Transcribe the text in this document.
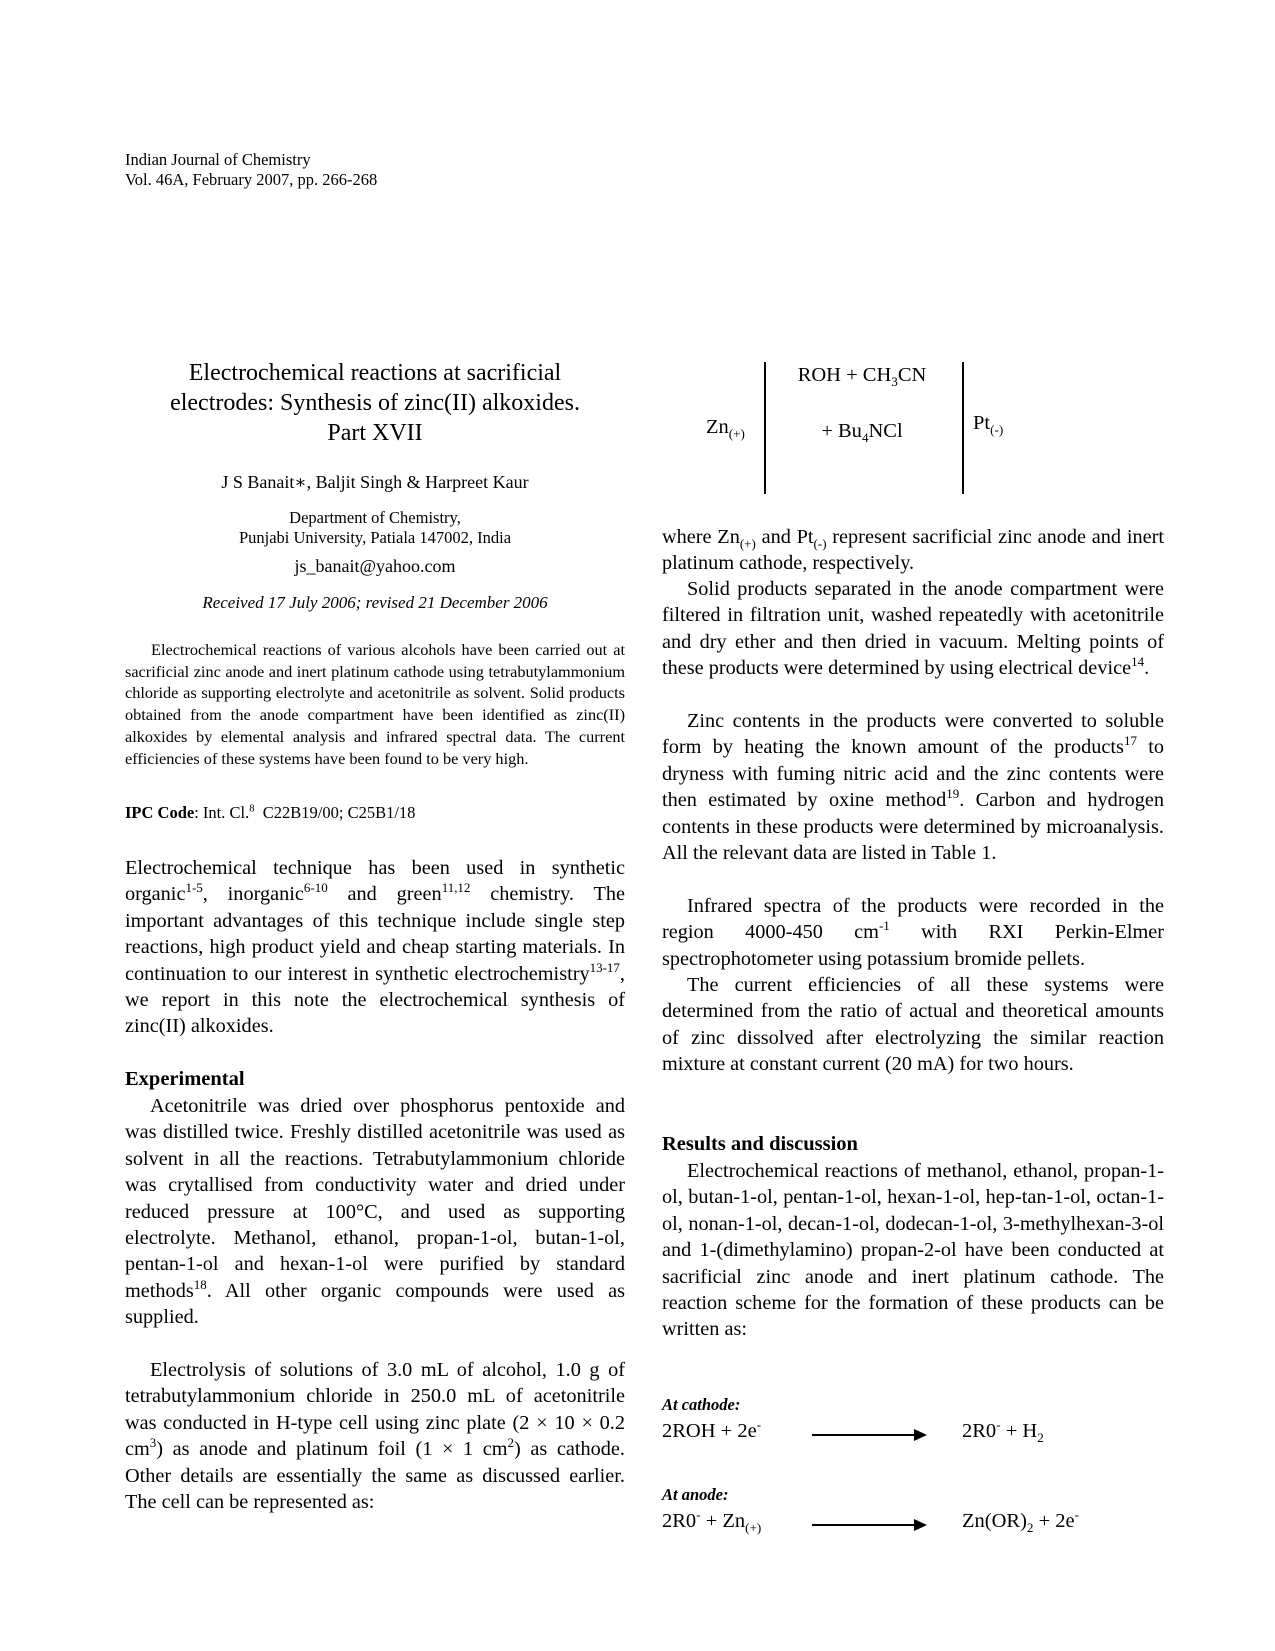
Indian Journal of Chemistry
Vol. 46A, February 2007, pp. 266-268
Electrochemical reactions at sacrificial
electrodes: Synthesis of zinc(II) alkoxides.
Part XVII
J S Banait∗, Baljit Singh & Harpreet Kaur
Department of Chemistry,
Punjabi University, Patiala 147002, India
js_banait@yahoo.com
Received 17 July 2006; revised 21 December 2006

Electrochemical reactions of various alcohols have been carried out at sacrificial zinc anode and inert platinum cathode using tetrabutylammonium chloride as supporting electrolyte and acetonitrile as solvent. Solid products obtained from the anode compartment have been identified as zinc(II) alkoxides by elemental analysis and infrared spectral data. The current efficiencies of these systems have been found to be very high.

IPC Code: Int. Cl.$^8$ C22B19/00; C25B1/18

Electrochemical technique has been used in synthetic organic$^{1-5}$, inorganic$^{6-10}$ and green$^{11,12}$ chemistry. The important advantages of this technique include single step reactions, high product yield and cheap starting materials. In continuation to our interest in synthetic electrochemistry$^{13-17}$, we report in this note the electrochemical synthesis of zinc(II) alkoxides.

Experimental

Acetonitrile was dried over phosphorus pentoxide and was distilled twice. Freshly distilled acetonitrile was used as solvent in all the reactions. Tetrabutylammonium chloride was crytallised from conductivity water and dried under reduced pressure at 100°C, and used as supporting electrolyte. Methanol, ethanol, propan-1-ol, butan-1-ol, pentan-1-ol and hexan-1-ol were purified by standard methods$^{18}$. All other organic compounds were used as supplied.

Electrolysis of solutions of 3.0 mL of alcohol, 1.0 g of tetrabutylammonium chloride in 250.0 mL of acetonitrile was conducted in H-type cell using zinc plate (2 × 10 × 0.2 $cm^3$) as anode and platinum foil (1 × 1 $cm^2$) as cathode. Other details are essentially the same as discussed earlier. The cell can be represented as:

$Zn_{(+)}$
ROH + $CH_3CN$
+ $Bu_4NCl$	$Pt_{(-)}$

where $Zn_{(+)}$ and $Pt_{(-)}$ represent sacrificial zinc anode and inert platinum cathode, respectively.

Solid products separated in the anode compartment were filtered in filtration unit, washed repeatedly with acetonitrile and dry ether and then dried in vacuum. Melting points of these products were determined by using electrical device$^{14}$.

Zinc contents in the products were converted to soluble form by heating the known amount of the products$^{17}$ to dryness with fuming nitric acid and the zinc contents were then estimated by oxine method$^{19}$. Carbon and hydrogen contents in these products were determined by microanalysis. All the relevant data are listed in Table 1.

Infrared spectra of the products were recorded in the region 4000-450 $cm^{-1}$ with RXI Perkin-Elmer spectrophotometer using potassium bromide pellets.

The current efficiencies of all these systems were determined from the ratio of actual and theoretical amounts of zinc dissolved after electrolyzing the similar reaction mixture at constant current (20 mA) for two hours.

Results and discussion

Electrochemical reactions of methanol, ethanol, propan-1-ol, butan-1-ol, pentan-1-ol, hexan-1-ol, hep-tan-1-ol, octan-1-ol, nonan-1-ol, decan-1-ol, dodecan-1-ol, 3-methylhexan-3-ol and 1-(dimethylamino) propan-2-ol have been conducted at sacrificial zinc anode and inert platinum cathode. The reaction scheme for the formation of these products can be written as:

At cathode:
2ROH + 2e-	$2R0^- + H_2$
At anode:
$2R0^- + Zn_{(+)}$	$Zn(OR)_2 + 2e^-$
